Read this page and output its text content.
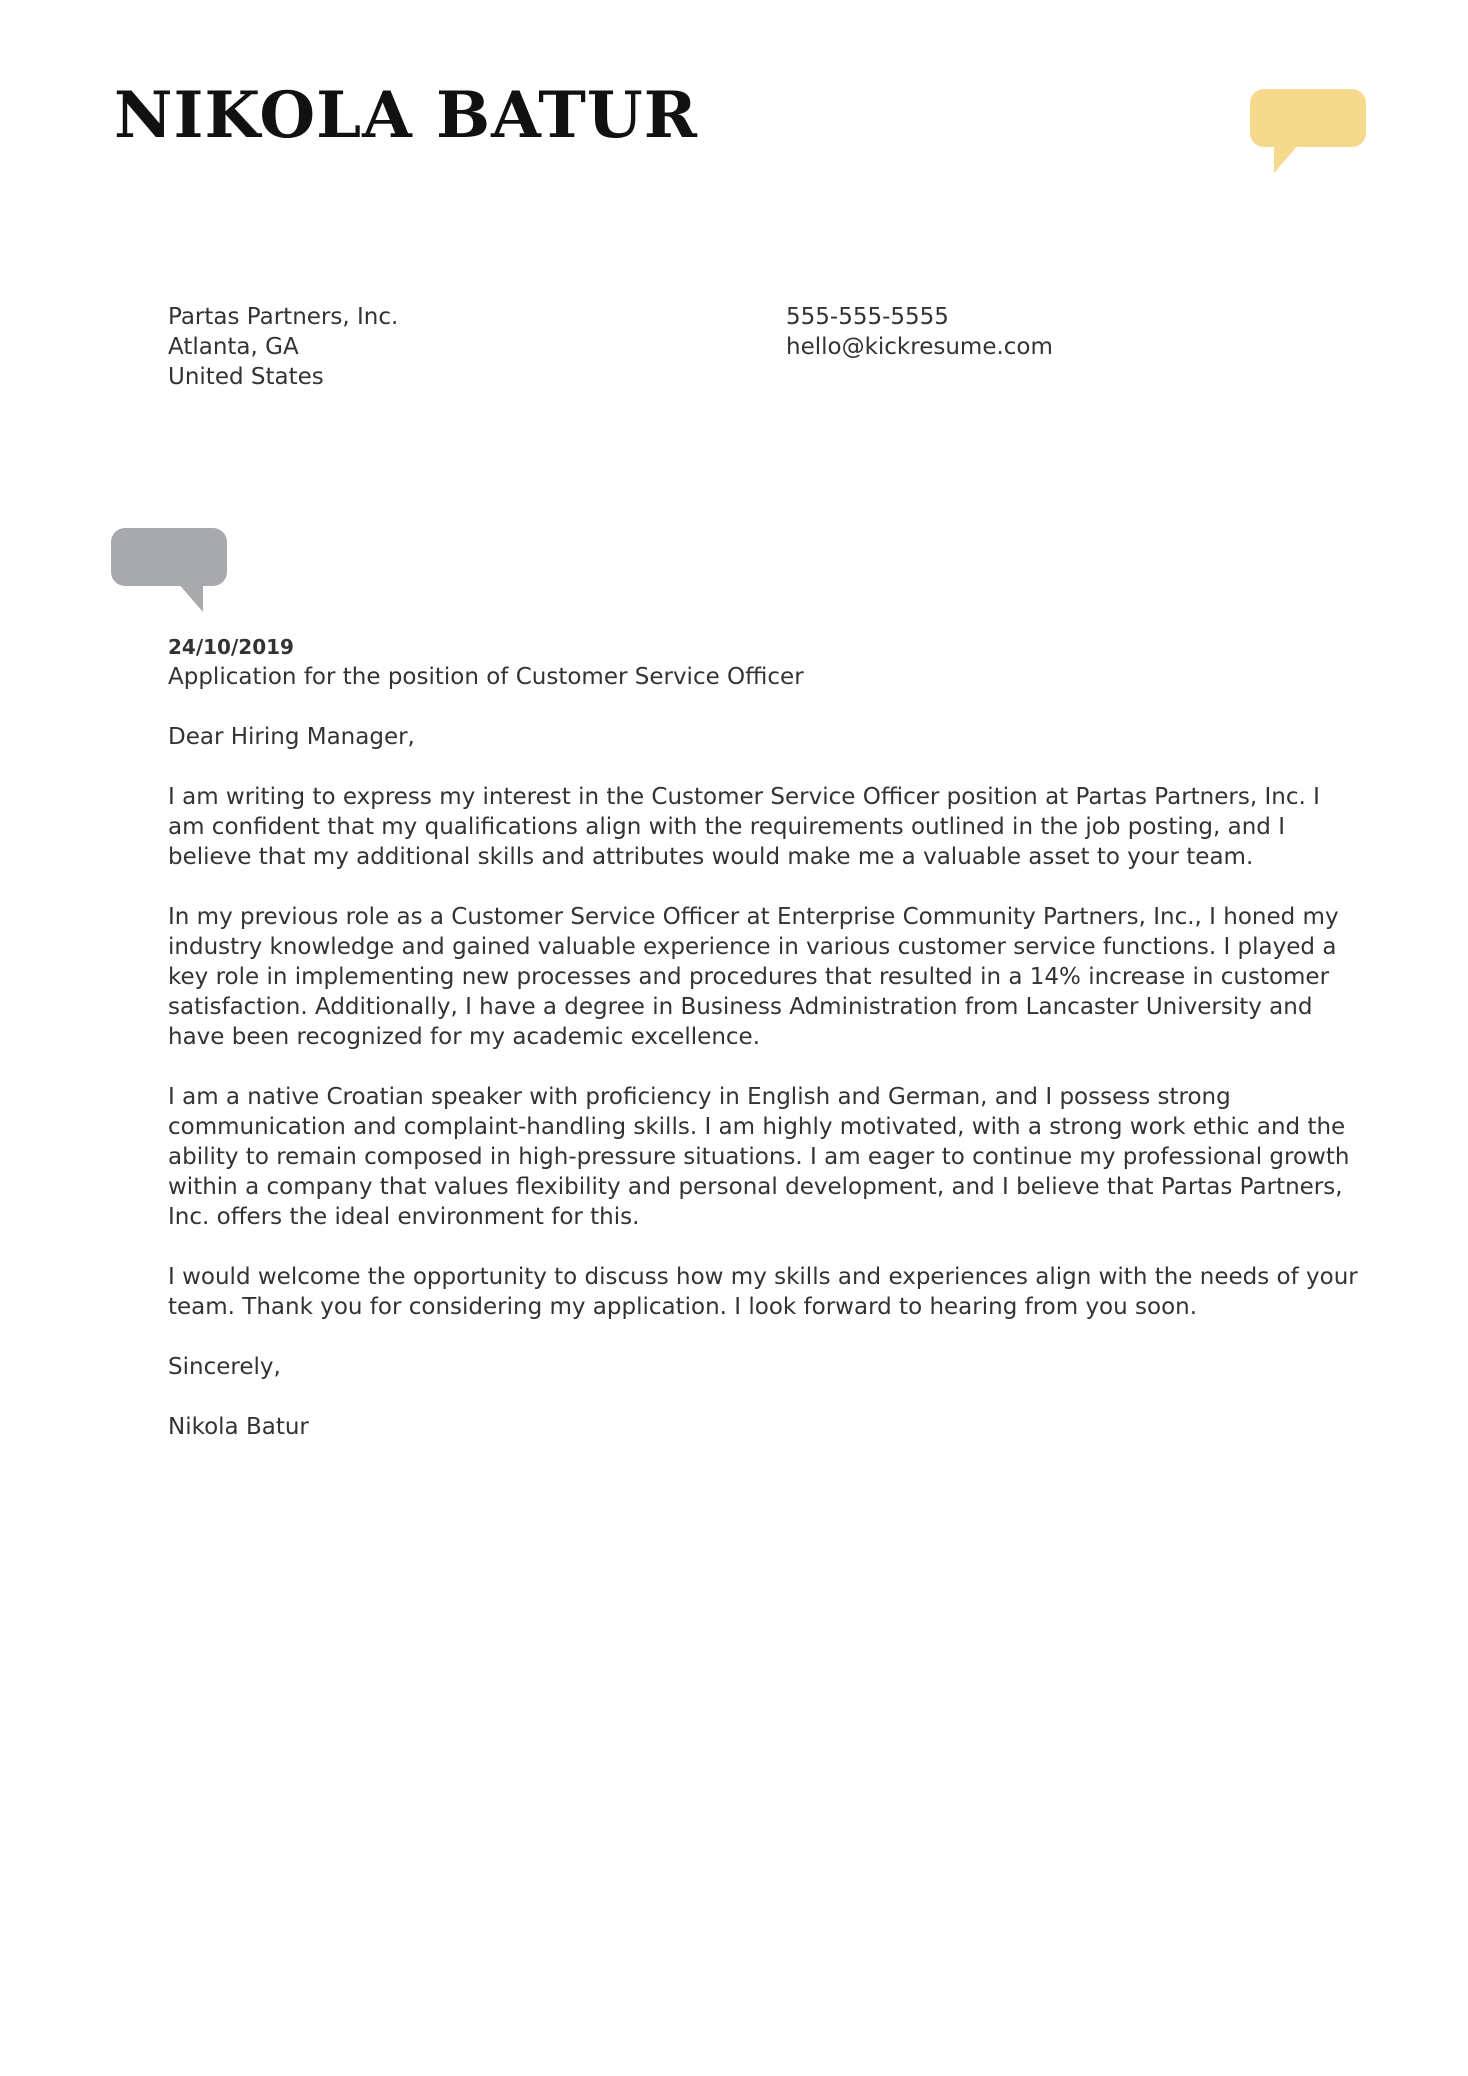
NIKOLA BATUR
Partas Partners, Inc.
Atlanta, GA
United States
555-555-5555
hello@kickresume.com
24/10/2019
Application for the position of Customer Service Officer
Dear Hiring Manager,
I am writing to express my interest in the Customer Service Officer position at Partas Partners, Inc. I am confident that my qualifications align with the requirements outlined in the job posting, and I believe that my additional skills and attributes would make me a valuable asset to your team.
In my previous role as a Customer Service Officer at Enterprise Community Partners, Inc., I honed my industry knowledge and gained valuable experience in various customer service functions. I played a key role in implementing new processes and procedures that resulted in a 14% increase in customer satisfaction. Additionally, I have a degree in Business Administration from Lancaster University and have been recognized for my academic excellence.
I am a native Croatian speaker with proficiency in English and German, and I possess strong communication and complaint-handling skills. I am highly motivated, with a strong work ethic and the ability to remain composed in high-pressure situations. I am eager to continue my professional growth within a company that values flexibility and personal development, and I believe that Partas Partners, Inc. offers the ideal environment for this.
I would welcome the opportunity to discuss how my skills and experiences align with the needs of your team. Thank you for considering my application. I look forward to hearing from you soon.
Sincerely,
Nikola Batur
